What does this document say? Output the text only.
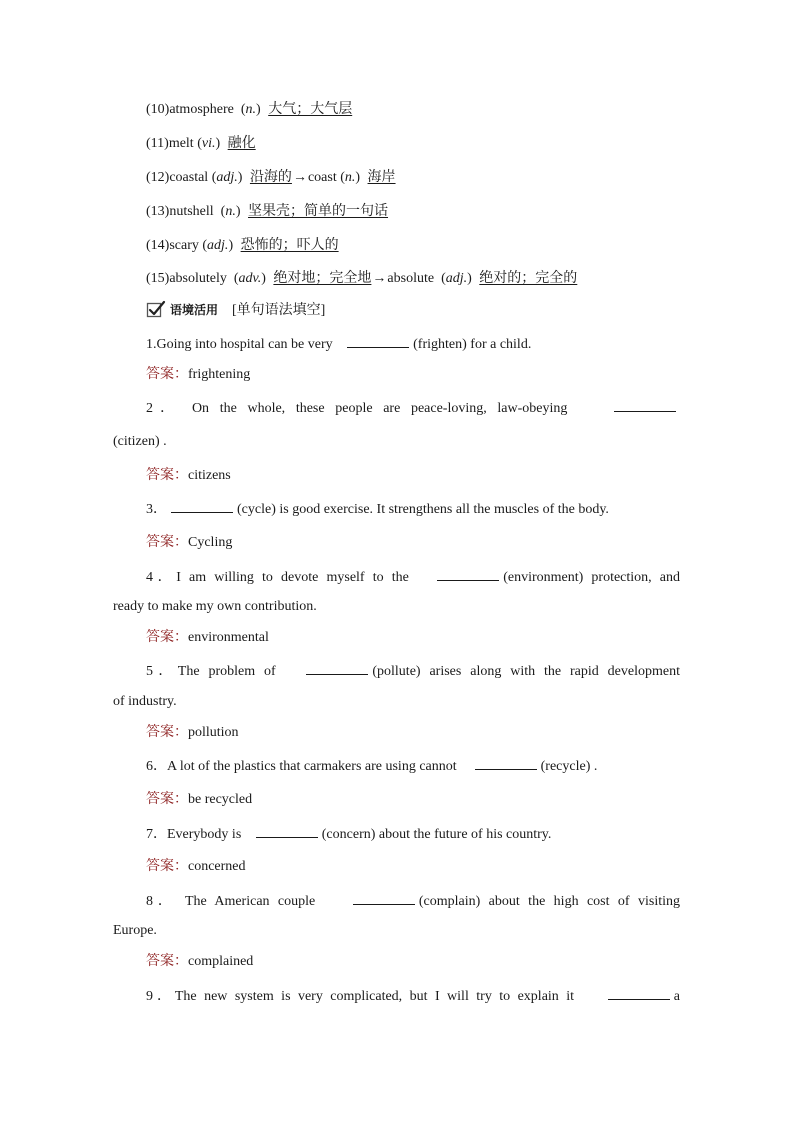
(10)atmosphere  (n.) 大气；大气层
(11)melt (vi.) 融化
(12)coastal (adj.) 沿海的→coast (n.) 海岸
(13)nutshell  (n.) 坚果壳；简单的一句话
(14)scary (adj.) 恐怖的；吓人的
(15)absolutely  (adv.) 绝对地；完全地→absolute  (adj.) 绝对的；完全的
语境活用 [单句语法填空]
1.Going into hospital can be very	(frighten) for a child.
答案：frightening
2． On the whole, these people are peace-loving, law-obeying
(citizen) .
答案：citizens
3．	(cycle) is good exercise. It strengthens all the muscles of the body.
答案：Cycling
4．I am willing to devote myself to the	(environment) protection, and
ready to make my own contribution.
答案：environmental
5．The problem of	(pollute) arises along with the rapid development
of industry.
答案：pollution
6．A lot of the plastics that carmakers are using cannot	(recycle) .
答案：be recycled
7．Everybody is	(concern) about the future of his country.
答案：concerned
8． The American couple	(complain) about the high cost of visiting
Europe.
答案：complained
9．The new system is very complicated, but I will try to explain it	a
